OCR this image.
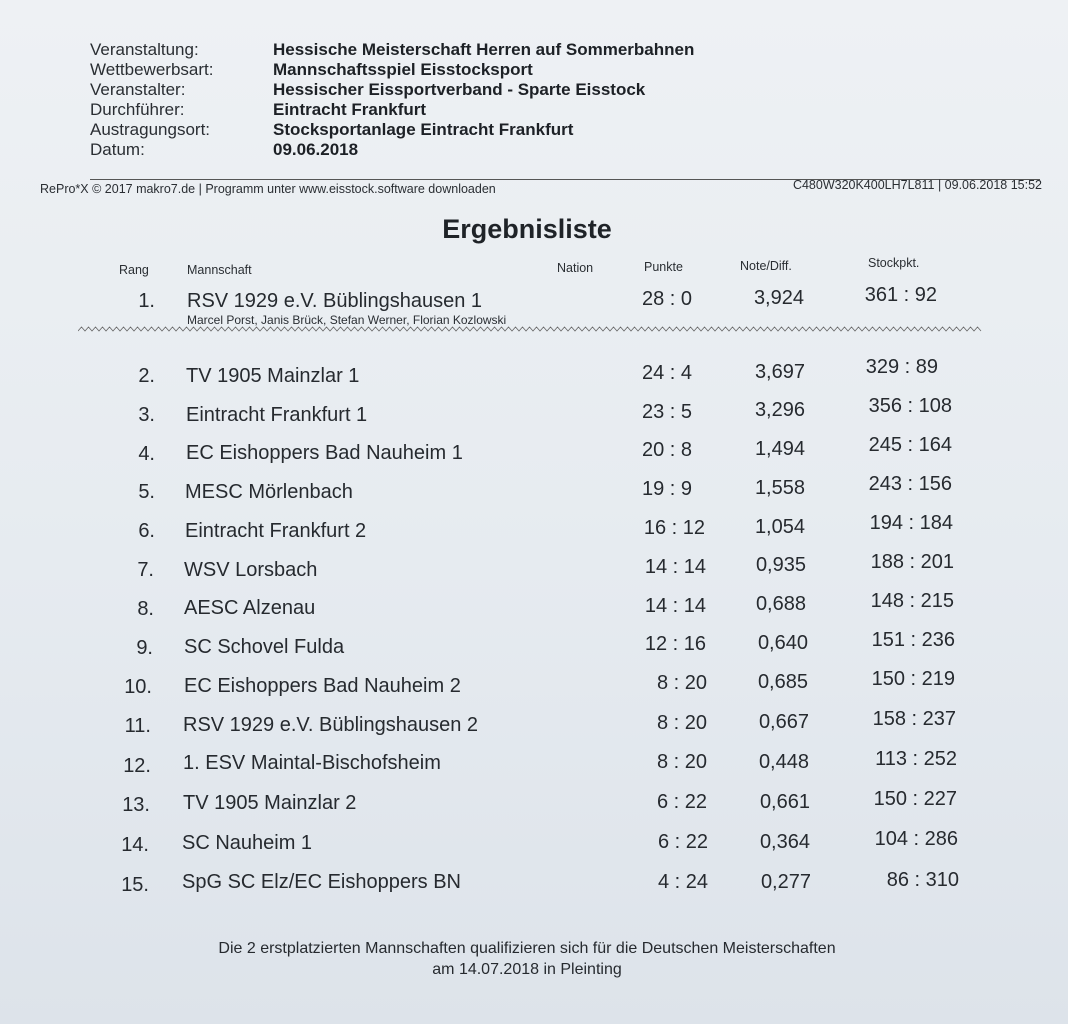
Veranstaltung:	Hessische Meisterschaft Herren auf Sommerbahnen
Wettbewerbsart:	Mannschaftsspiel Eisstocksport
Veranstalter:	Hessischer Eissportverband - Sparte Eisstock
Durchführer:	Eintracht Frankfurt
Austragungsort:	Stocksportanlage Eintracht Frankfurt
Datum:	09.06.2018
RePro*X © 2017 makro7.de | Programm unter www.eisstock.software downloaden	C480W320K400LH7L811 | 09.06.2018 15:52
Ergebnisliste
Rang	Mannschaft	Nation	Punkte	Note/Diff.	Stockpkt.
1. RSV 1929 e.V. Büblingshausen 1	28 : 0	3,924	361 : 92
Marcel Porst, Janis Brück, Stefan Werner, Florian Kozlowski
2. TV 1905 Mainzlar 1	24 : 4	3,697	329 : 89
3. Eintracht Frankfurt 1	23 : 5	3,296	356 : 108
4. EC Eishoppers Bad Nauheim 1	20 : 8	1,494	245 : 164
5. MESC Mörlenbach	19 : 9	1,558	243 : 156
6. Eintracht Frankfurt 2	16 : 12	1,054	194 : 184
7. WSV Lorsbach	14 : 14	0,935	188 : 201
8. AESC Alzenau	14 : 14	0,688	148 : 215
9. SC Schovel Fulda	12 : 16	0,640	151 : 236
10. EC Eishoppers Bad Nauheim 2	8 : 20	0,685	150 : 219
11. RSV 1929 e.V. Büblingshausen 2	8 : 20	0,667	158 : 237
12. 1. ESV Maintal-Bischofsheim	8 : 20	0,448	113 : 252
13. TV 1905 Mainzlar 2	6 : 22	0,661	150 : 227
14. SC Nauheim 1	6 : 22	0,364	104 : 286
15. SpG SC Elz/EC Eishoppers BN	4 : 24	0,277	86 : 310
Die 2 erstplatzierten Mannschaften qualifizieren sich für die Deutschen Meisterschaften
am 14.07.2018 in Pleinting
